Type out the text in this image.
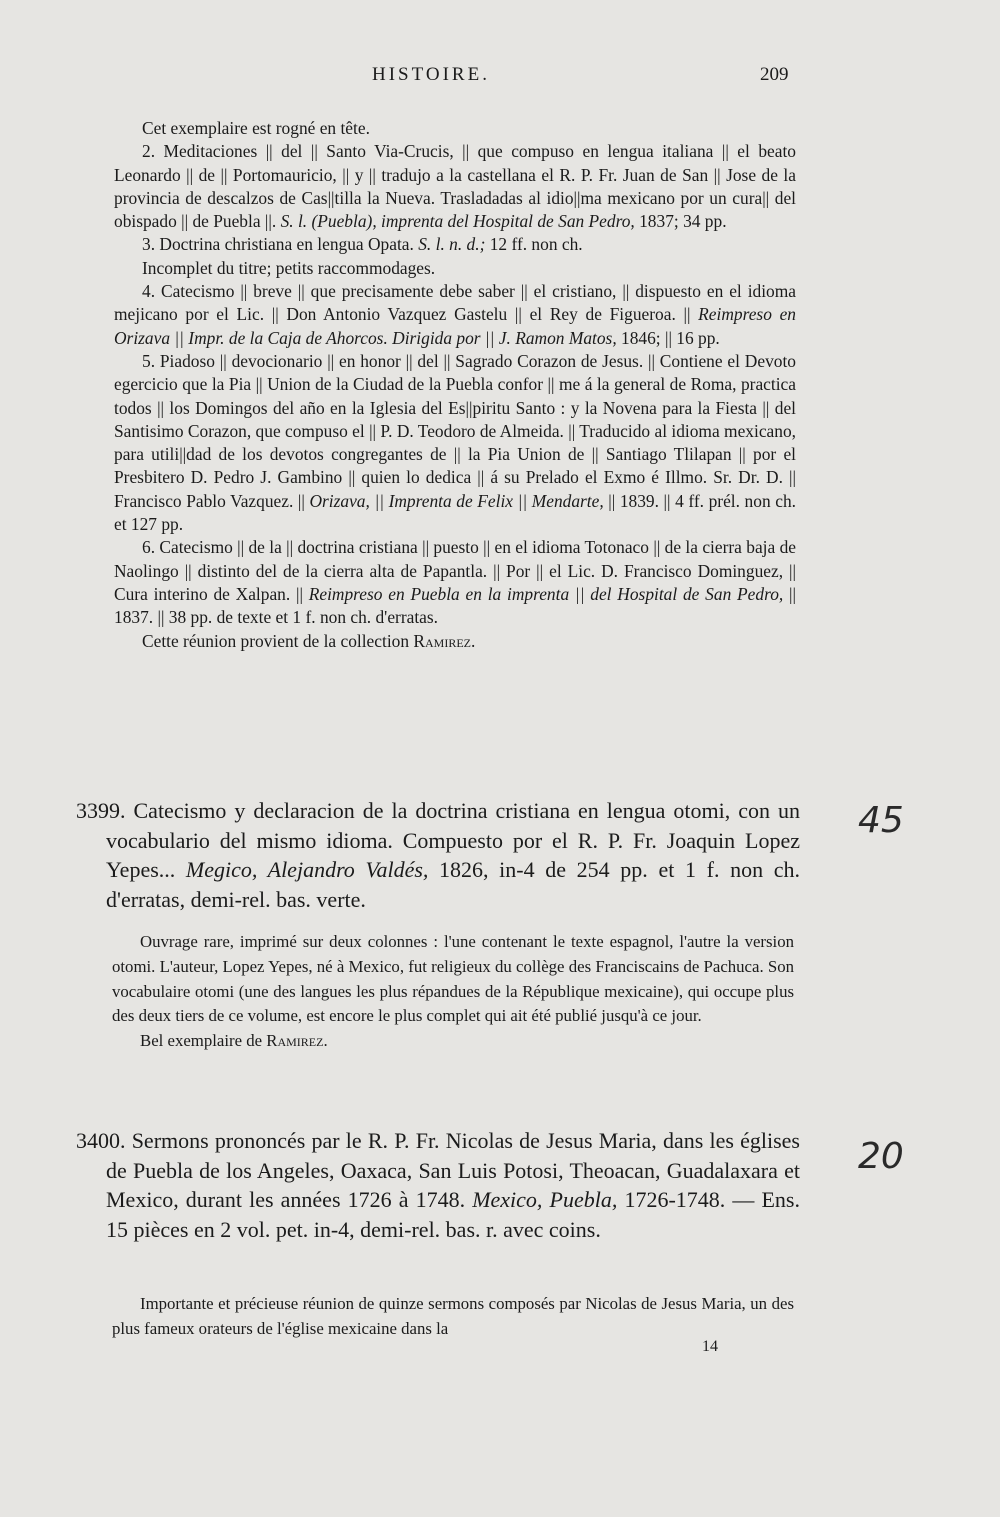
HISTOIRE.	209

Cet exemplaire est rogné en tête.

2. Meditaciones || del || Santo Via-Crucis, || que compuso en lengua italiana || el beato Leonardo || de || Portomauricio, || y || tradujo a la castellana el R. P. Fr. Juan de San || Jose de la provincia de descalzos de Cas||tilla la Nueva. Trasladadas al idio||ma mexicano por un cura|| del obispado || de Puebla ||. S. l. (Puebla), imprenta del Hospital de San Pedro, 1837; 34 pp.

3. Doctrina christiana en lengua Opata. S. l. n. d.; 12 ff. non ch.

Incomplet du titre; petits raccommodages.

4. Catecismo || breve || que precisamente debe saber || el cristiano, || dispuesto en el idioma mejicano por el Lic. || Don Antonio Vazquez Gastelu || el Rey de Figueroa. || Reimpreso en Orizava || Impr. de la Caja de Ahorcos. Dirigida por || J. Ramon Matos, 1846; || 16 pp.

5. Piadoso || devocionario || en honor || del || Sagrado Corazon de Jesus. || Contiene el Devoto egercicio que la Pia || Union de la Ciudad de la Puebla confor || me á la general de Roma, practica todos || los Domingos del año en la Iglesia del Es||piritu Santo : y la Novena para la Fiesta || del Santisimo Corazon, que compuso el || P. D. Teodoro de Almeida. || Traducido al idioma mexicano, para utili||dad de los devotos congregantes de || la Pia Union de || Santiago Tlilapan || por el Presbitero D. Pedro J. Gambino || quien lo dedica || á su Prelado el Exmo é Illmo. Sr. Dr. D. || Francisco Pablo Vazquez. || Orizava, || Imprenta de Felix || Mendarte, || 1839. || 4 ff. prél. non ch. et 127 pp.

6. Catecismo || de la || doctrina cristiana || puesto || en el idioma Totonaco || de la cierra baja de Naolingo || distinto del de la cierra alta de Papantla. || Por || el Lic. D. Francisco Dominguez, || Cura interino de Xalpan. || Reimpreso en Puebla en la imprenta || del Hospital de San Pedro, || 1837. || 38 pp. de texte et 1 f. non ch. d'erratas.

Cette réunion provient de la collection Ramirez.

3399. Catecismo y declaracion de la doctrina cristiana en lengua otomi, con un vocabulario del mismo idioma. Compuesto por el R. P. Fr. Joaquin Lopez Yepes... Megico, Alejandro Valdés, 1826, in-4 de 254 pp. et 1 f. non ch. d'erratas, demi-rel. bas. verte.

Ouvrage rare, imprimé sur deux colonnes : l'une contenant le texte espagnol, l'autre la version otomi. L'auteur, Lopez Yepes, né à Mexico, fut religieux du collège des Franciscains de Pachuca. Son vocabulaire otomi (une des langues les plus répandues de la République mexicaine), qui occupe plus des deux tiers de ce volume, est encore le plus complet qui ait été publié jusqu'à ce jour.

Bel exemplaire de Ramirez.

45

3400. Sermons prononcés par le R. P. Fr. Nicolas de Jesus Maria, dans les églises de Puebla de los Angeles, Oaxaca, San Luis Potosi, Theoacan, Guadalaxara et Mexico, durant les années 1726 à 1748. Mexico, Puebla, 1726-1748. — Ens. 15 pièces en 2 vol. pet. in-4, demi-rel. bas. r. avec coins.

Importante et précieuse réunion de quinze sermons composés par Nicolas de Jesus Maria, un des plus fameux orateurs de l'église mexicaine dans la

20
14
